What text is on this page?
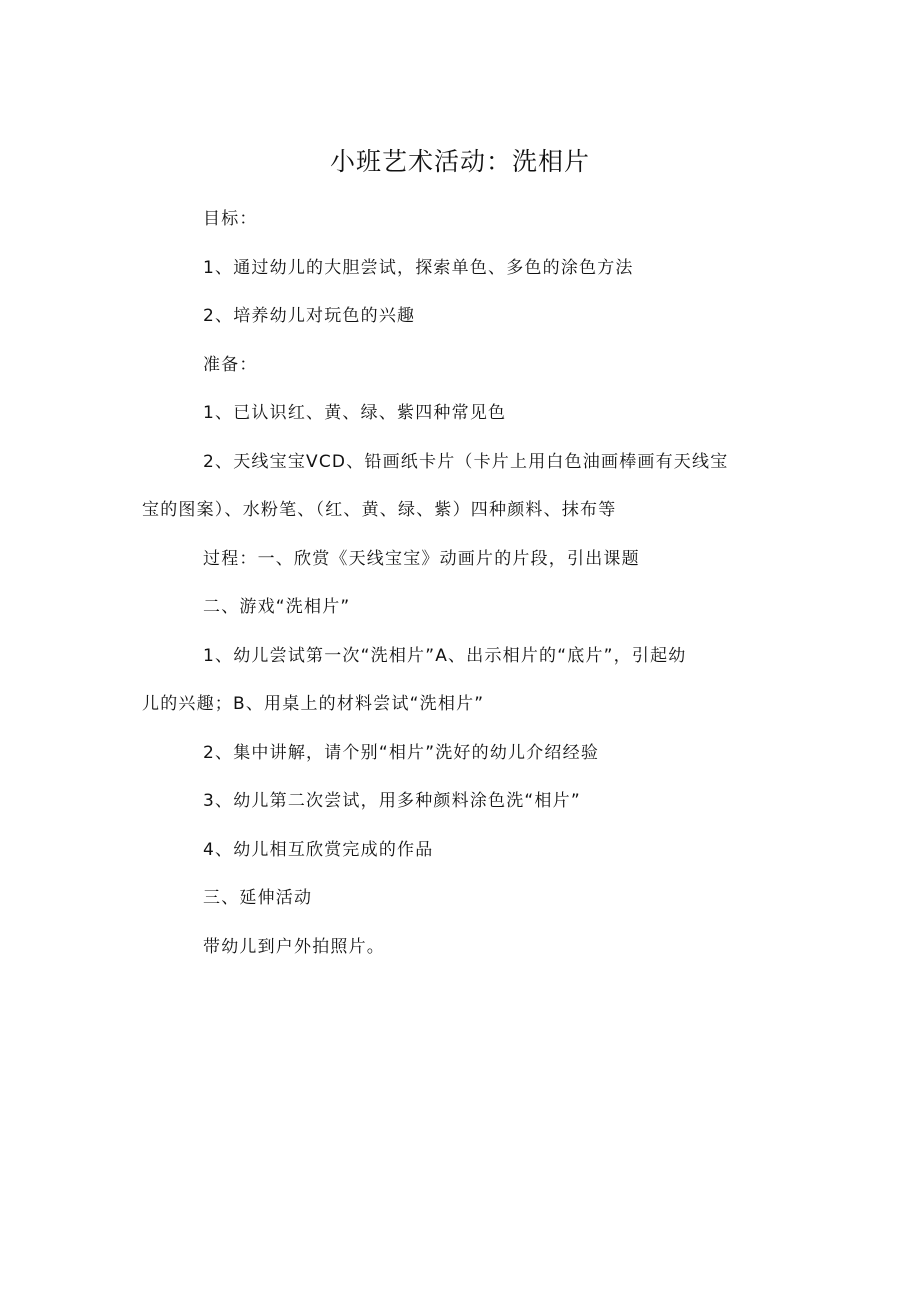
小班艺术活动：洗相片
目标：
1、通过幼儿的大胆尝试，探索单色、多色的涂色方法
2、培养幼儿对玩色的兴趣
准备：
1、已认识红、黄、绿、紫四种常见色
2、天线宝宝VCD、铅画纸卡片（卡片上用白色油画棒画有天线宝
宝的图案）、水粉笔、（红、黄、绿、紫）四种颜料、抹布等
过程：一、欣赏《天线宝宝》动画片的片段，引出课题
二、游戏“洗相片”
1、幼儿尝试第一次“洗相片”A、出示相片的“底片”，引起幼
儿的兴趣；B、用桌上的材料尝试“洗相片”
2、集中讲解，请个别“相片”洗好的幼儿介绍经验
3、幼儿第二次尝试，用多种颜料涂色洗“相片”
4、幼儿相互欣赏完成的作品
三、延伸活动
带幼儿到户外拍照片。
